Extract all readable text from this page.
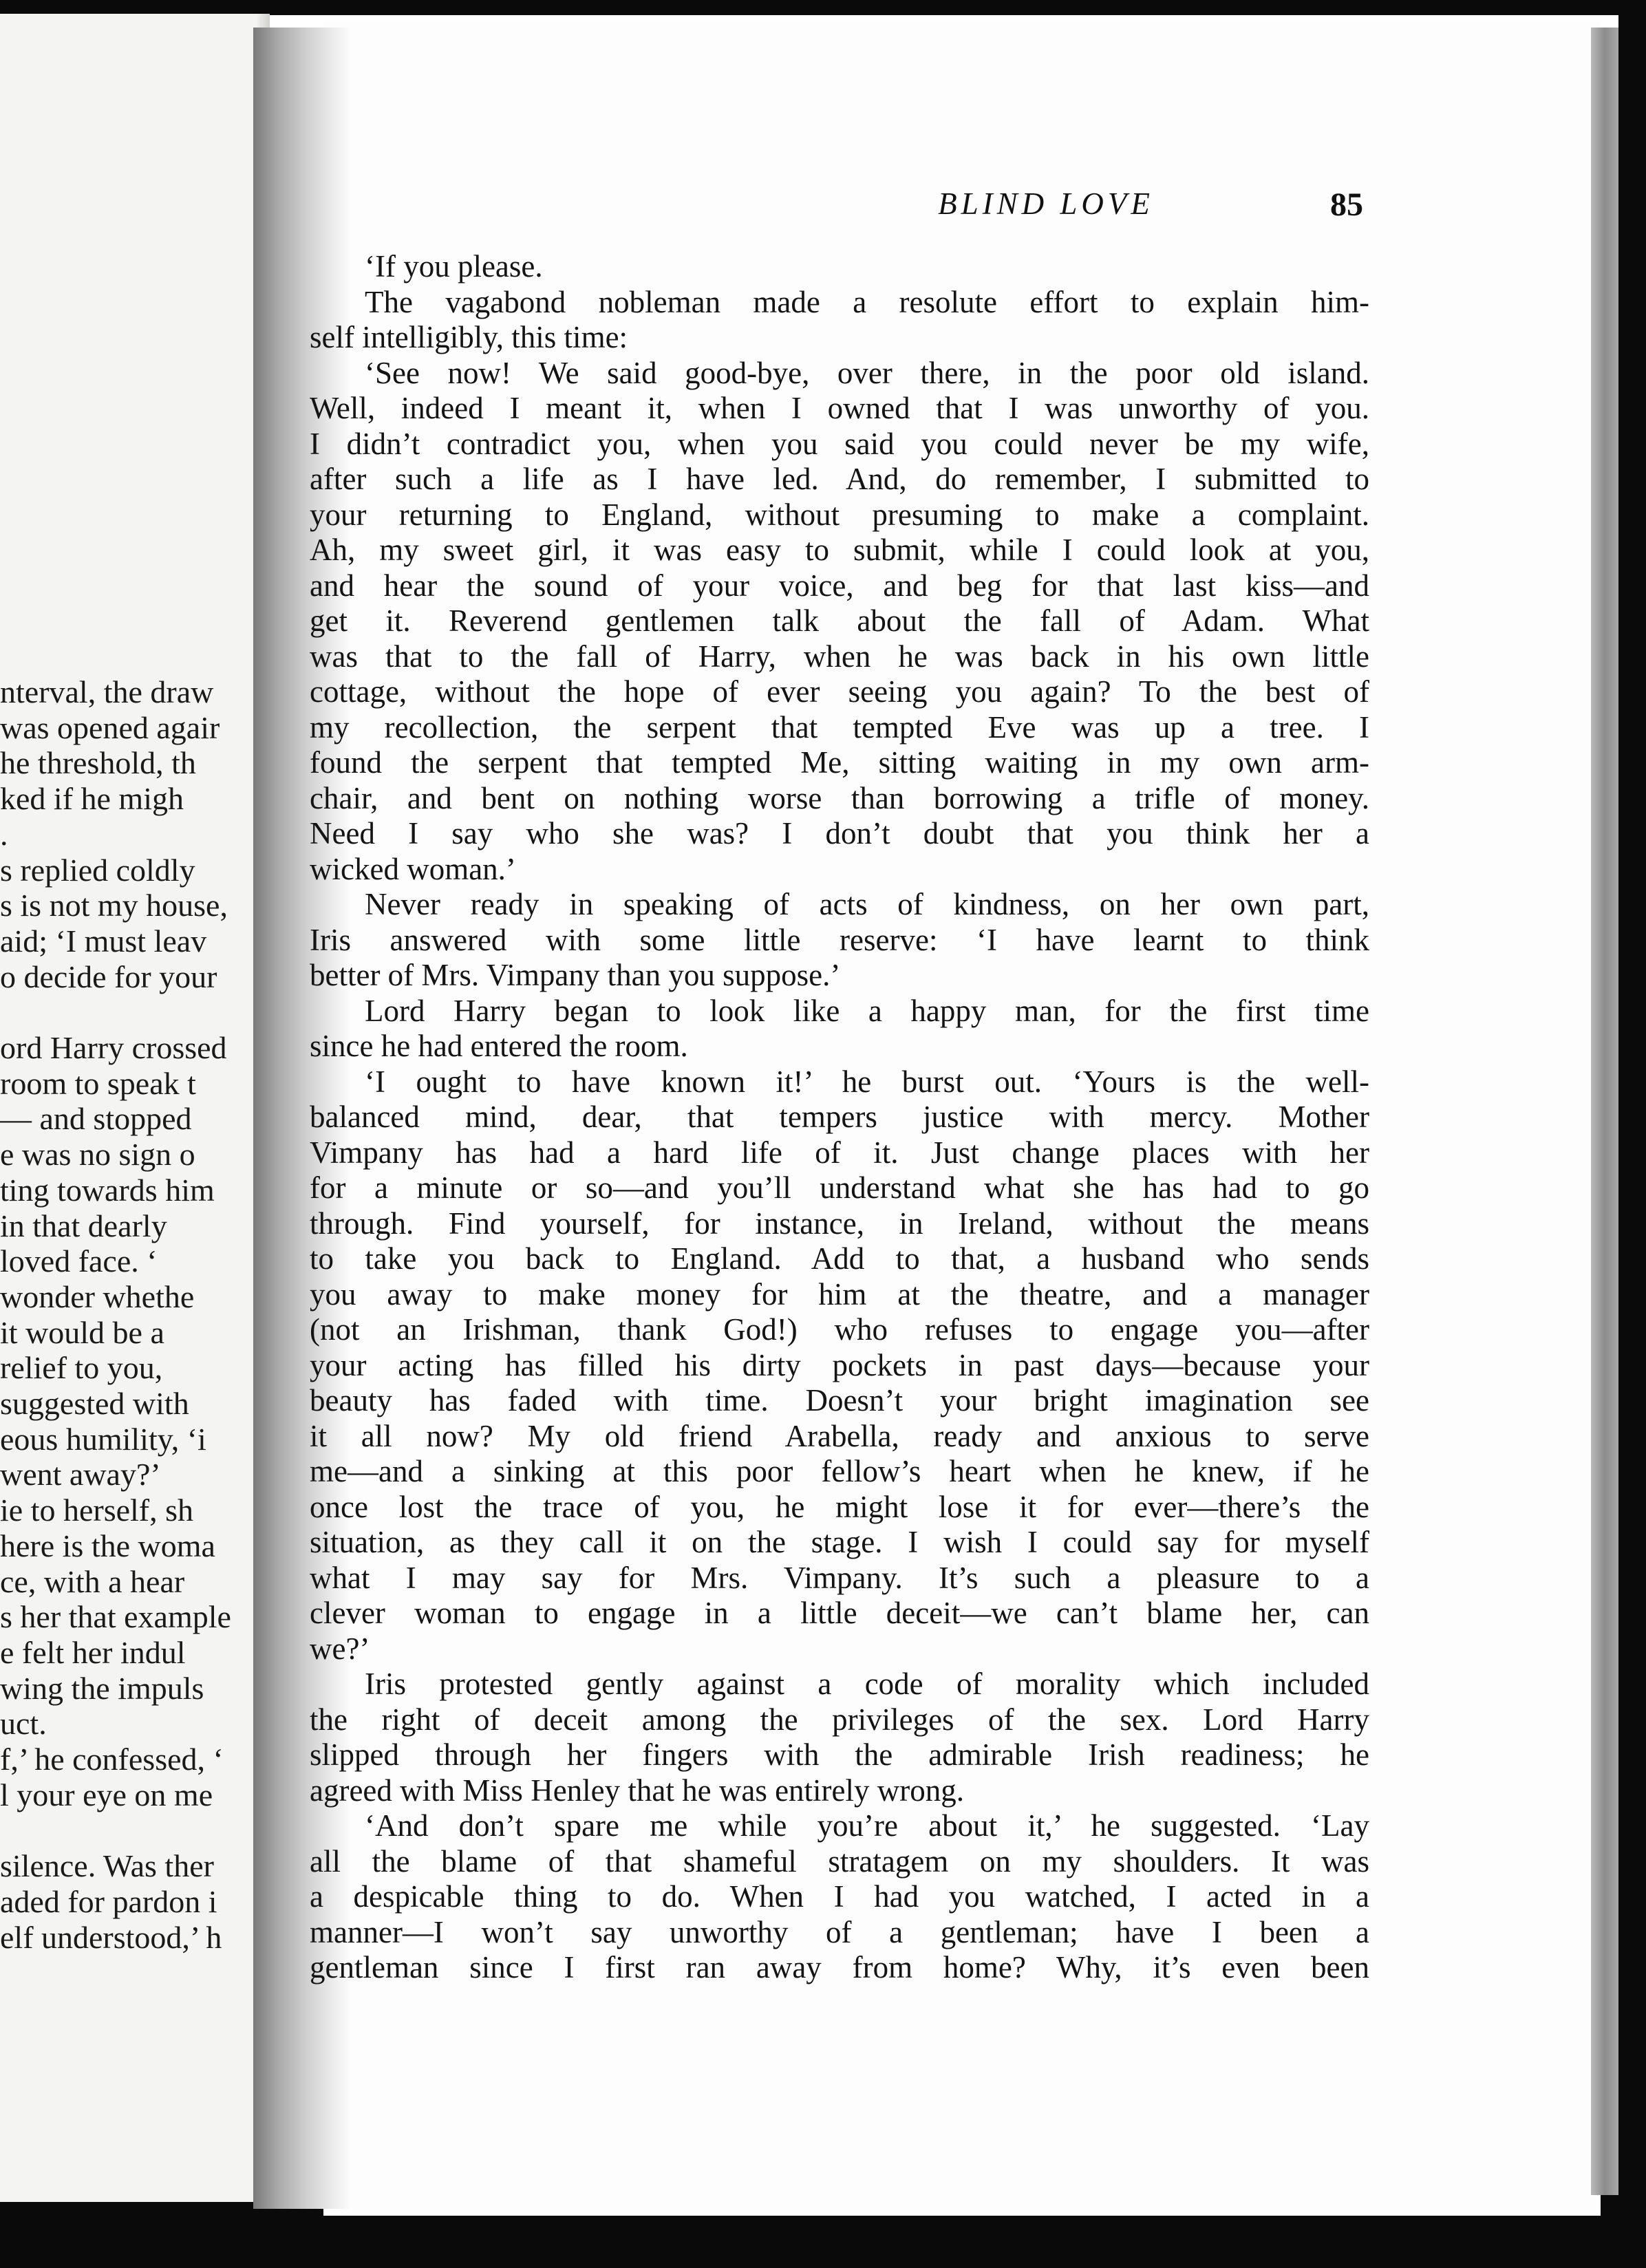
nterval, the draw
was opened agair
he threshold, th
ked if he migh
.
s replied coldly
s is not my house,
aid; ‘I must leav
o decide for your
ord Harry crossed
room to speak t
— and stopped
e was no sign o
ting towards him
in that dearly
loved face. ‘
wonder whethe
it would be a
relief to you,
suggested with
eous humility, ‘i
went away?’
ie to herself, sh
here is the woma
ce, with a hear
s her that example
e felt her indul
wing the impuls
uct.
f,’ he confessed, ‘
l your eye on me
silence. Was ther
aded for pardon i
elf understood,’ h
BLIND LOVE	85
‘If you please.
The vagabond nobleman made a resolute effort to explain him-
self intelligibly, this time:
‘See now! We said good-bye, over there, in the poor old island.
Well, indeed I meant it, when I owned that I was unworthy of you.
I didn’t contradict you, when you said you could never be my wife,
after such a life as I have led. And, do remember, I submitted to
your returning to England, without presuming to make a complaint.
Ah, my sweet girl, it was easy to submit, while I could look at you,
and hear the sound of your voice, and beg for that last kiss—and
get it. Reverend gentlemen talk about the fall of Adam. What
was that to the fall of Harry, when he was back in his own little
cottage, without the hope of ever seeing you again? To the best of
my recollection, the serpent that tempted Eve was up a tree. I
found the serpent that tempted Me, sitting waiting in my own arm-
chair, and bent on nothing worse than borrowing a trifle of money.
Need I say who she was? I don’t doubt that you think her a
wicked woman.’
Never ready in speaking of acts of kindness, on her own part,
Iris answered with some little reserve: ‘I have learnt to think
better of Mrs. Vimpany than you suppose.’
Lord Harry began to look like a happy man, for the first time
since he had entered the room.
‘I ought to have known it!’ he burst out. ‘Yours is the well-
balanced mind, dear, that tempers justice with mercy. Mother
Vimpany has had a hard life of it. Just change places with her
for a minute or so—and you’ll understand what she has had to go
through. Find yourself, for instance, in Ireland, without the means
to take you back to England. Add to that, a husband who sends
you away to make money for him at the theatre, and a manager
(not an Irishman, thank God!) who refuses to engage you—after
your acting has filled his dirty pockets in past days—because your
beauty has faded with time. Doesn’t your bright imagination see
it all now? My old friend Arabella, ready and anxious to serve
me—and a sinking at this poor fellow’s heart when he knew, if he
once lost the trace of you, he might lose it for ever—there’s the
situation, as they call it on the stage. I wish I could say for myself
what I may say for Mrs. Vimpany. It’s such a pleasure to a
clever woman to engage in a little deceit—we can’t blame her, can
we?’
Iris protested gently against a code of morality which included
the right of deceit among the privileges of the sex. Lord Harry
slipped through her fingers with the admirable Irish readiness; he
agreed with Miss Henley that he was entirely wrong.
‘And don’t spare me while you’re about it,’ he suggested. ‘Lay
all the blame of that shameful stratagem on my shoulders. It was
a despicable thing to do. When I had you watched, I acted in a
manner—I won’t say unworthy of a gentleman; have I been a
gentleman since I first ran away from home? Why, it’s even been
